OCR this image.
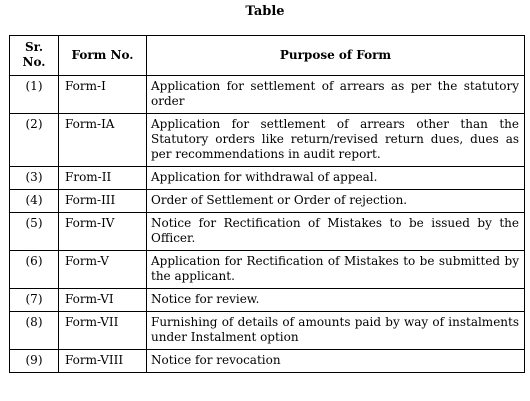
Table
Sr.
No.	Form No.	Purpose of Form
(1)	Form-I	Application for settlement of arrears as per the statutory order
(2)	Form-IA	Application for settlement of arrears other than the Statutory orders like return/revised return dues, dues as per recommendations in audit report.
(3)	From-II	Application for withdrawal of appeal.
(4)	Form-III	Order of Settlement or Order of rejection.
(5)	Form-IV	Notice for Rectification of Mistakes to be issued by the Officer.
(6)	Form-V	Application for Rectification of Mistakes to be submitted by the applicant.
(7)	Form-VI	Notice for review.
(8)	Form-VII	Furnishing of details of amounts paid by way of instalments under Instalment option
(9)	Form-VIII	Notice for revocation
